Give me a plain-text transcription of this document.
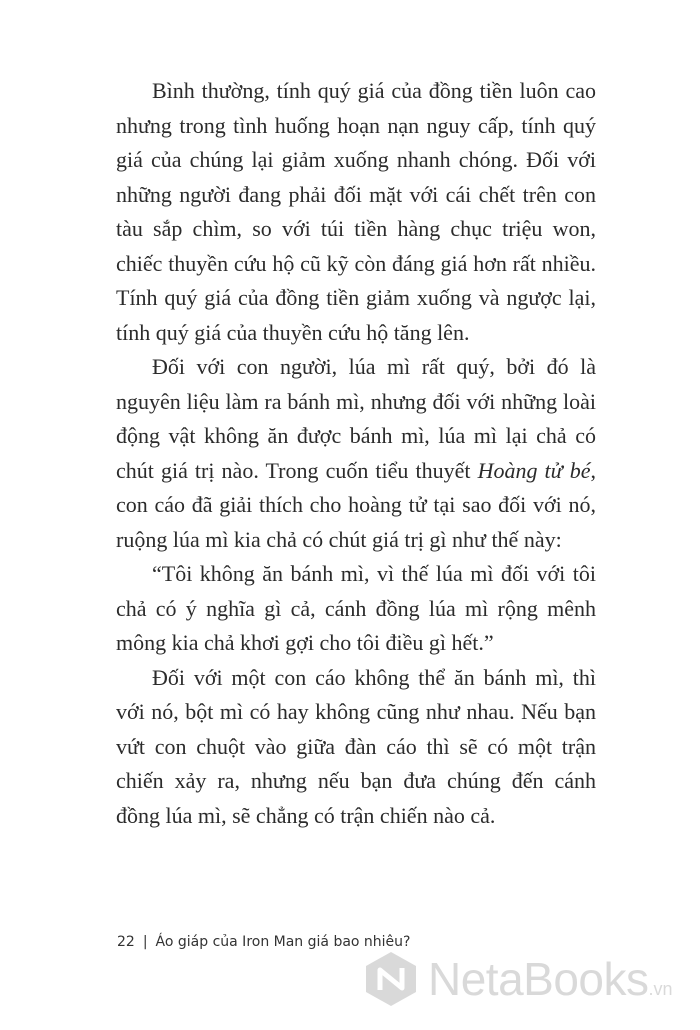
Bình thường, tính quý giá của đồng tiền luôn cao nhưng trong tình huống hoạn nạn nguy cấp, tính quý giá của chúng lại giảm xuống nhanh chóng. Đối với những người đang phải đối mặt với cái chết trên con tàu sắp chìm, so với túi tiền hàng chục triệu won, chiếc thuyền cứu hộ cũ kỹ còn đáng giá hơn rất nhiều. Tính quý giá của đồng tiền giảm xuống và ngược lại, tính quý giá của thuyền cứu hộ tăng lên.

Đối với con người, lúa mì rất quý, bởi đó là nguyên liệu làm ra bánh mì, nhưng đối với những loài động vật không ăn được bánh mì, lúa mì lại chả có chút giá trị nào. Trong cuốn tiểu thuyết Hoàng tử bé, con cáo đã giải thích cho hoàng tử tại sao đối với nó, ruộng lúa mì kia chả có chút giá trị gì như thế này:

“Tôi không ăn bánh mì, vì thế lúa mì đối với tôi chả có ý nghĩa gì cả, cánh đồng lúa mì rộng mênh mông kia chả khơi gợi cho tôi điều gì hết.”

Đối với một con cáo không thể ăn bánh mì, thì với nó, bột mì có hay không cũng như nhau. Nếu bạn vứt con chuột vào giữa đàn cáo thì sẽ có một trận chiến xảy ra, nhưng nếu bạn đưa chúng đến cánh đồng lúa mì, sẽ chẳng có trận chiến nào cả.

22 | Áo giáp của Iron Man giá bao nhiêu?
NetaBooks .vn
